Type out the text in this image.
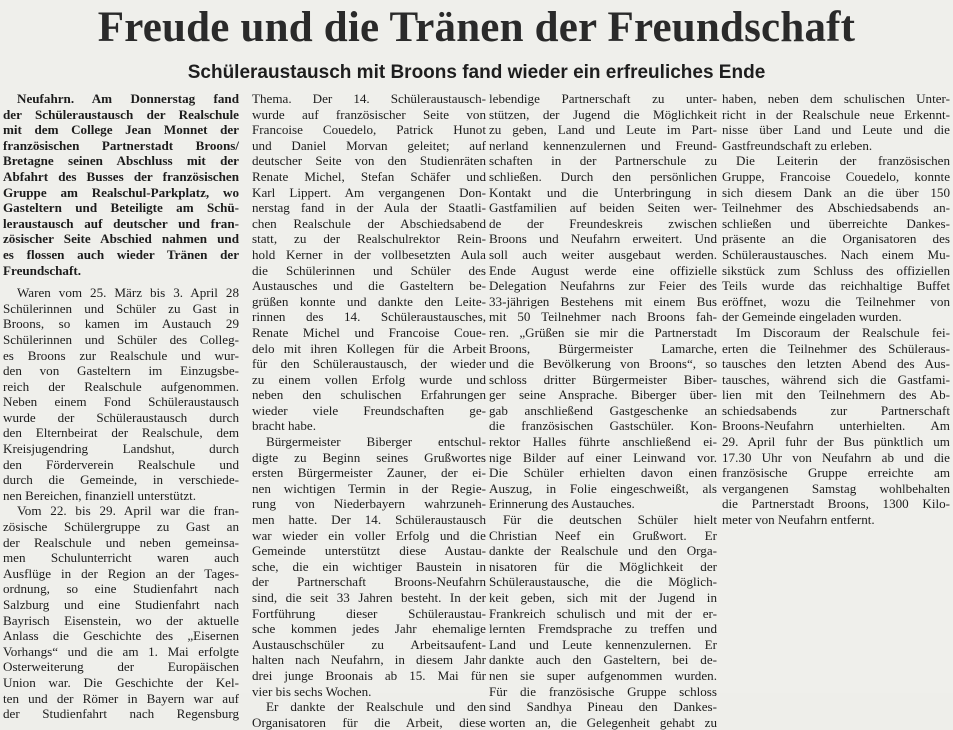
Freude und die Tränen der Freundschaft
Schüleraustausch mit Broons fand wieder ein erfreuliches Ende
Neufahrn. Am Donnerstag fand
der Schüleraustausch der Realschule
mit dem College Jean Monnet der
französischen Partnerstadt Broons/
Bretagne seinen Abschluss mit der
Abfahrt des Busses der französischen
Gruppe am Realschul-Parkplatz, wo
Gasteltern und Beteiligte am Schü-
leraustausch auf deutscher und fran-
zösischer Seite Abschied nahmen und
es flossen auch wieder Tränen der
Freundschaft.
Waren vom 25. März bis 3. April 28
Schülerinnen und Schüler zu Gast in
Broons, so kamen im Austauch 29
Schülerinnen und Schüler des Colleg-
es Broons zur Realschule und wur-
den von Gasteltern im Einzugsbe-
reich der Realschule aufgenommen.
Neben einem Fond Schüleraustausch
wurde der Schüleraustausch durch
den Elternbeirat der Realschule, dem
Kreisjugendring Landshut, durch
den Förderverein Realschule und
durch die Gemeinde, in verschiede-
nen Bereichen, finanziell unterstützt.
Vom 22. bis 29. April war die fran-
zösische Schülergruppe zu Gast an
der Realschule und neben gemeinsa-
men Schulunterricht waren auch
Ausflüge in der Region an der Tages-
ordnung, so eine Studienfahrt nach
Salzburg und eine Studienfahrt nach
Bayrisch Eisenstein, wo der aktuelle
Anlass die Geschichte des „Eisernen
Vorhangs“ und die am 1. Mai erfolgte
Osterweiterung der Europäischen
Union war. Die Geschichte der Kel-
ten und der Römer in Bayern war auf
der Studienfahrt nach Regensburg
Thema. Der 14. Schüleraustausch-
wurde auf französischer Seite von
Francoise Couedelo, Patrick Hunot
und Daniel Morvan geleitet; auf
deutscher Seite von den Studienräten
Renate Michel, Stefan Schäfer und
Karl Lippert. Am vergangenen Don-
nerstag fand in der Aula der Staatli-
chen Realschule der Abschiedsabend
statt, zu der Realschulrektor Rein-
hold Kerner in der vollbesetzten Aula
die Schülerinnen und Schüler des
Austausches und die Gasteltern be-
grüßen konnte und dankte den Leite-
rinnen des 14. Schüleraustausches,
Renate Michel und Francoise Coue-
delo mit ihren Kollegen für die Arbeit
für den Schüleraustausch, der wieder
zu einem vollen Erfolg wurde und
neben den schulischen Erfahrungen
wieder viele Freundschaften ge-
bracht habe.
Bürgermeister Biberger entschul-
digte zu Beginn seines Grußwortes
ersten Bürgermeister Zauner, der ei-
nen wichtigen Termin in der Regie-
rung von Niederbayern wahrzuneh-
men hatte. Der 14. Schüleraustausch
war wieder ein voller Erfolg und die
Gemeinde unterstützt diese Austau-
sche, die ein wichtiger Baustein in
der Partnerschaft Broons-Neufahrn
sind, die seit 33 Jahren besteht. In der
Fortführung dieser Schüleraustau-
sche kommen jedes Jahr ehemalige
Austauschschüler zu Arbeitsaufent-
halten nach Neufahrn, in diesem Jahr
drei junge Broonais ab 15. Mai für
vier bis sechs Wochen.
Er dankte der Realschule und den
Organisatoren für die Arbeit, diese
lebendige Partnerschaft zu unter-
stützen, der Jugend die Möglichkeit
zu geben, Land und Leute im Part-
nerland kennenzulernen und Freund-
schaften in der Partnerschule zu
schließen. Durch den persönlichen
Kontakt und die Unterbringung in
Gastfamilien auf beiden Seiten wer-
de der Freundeskreis zwischen
Broons und Neufahrn erweitert. Und
soll auch weiter ausgebaut werden.
Ende August werde eine offizielle
Delegation Neufahrns zur Feier des
33-jährigen Bestehens mit einem Bus
mit 50 Teilnehmer nach Broons fah-
ren. „Grüßen sie mir die Partnerstadt
Broons, Bürgermeister Lamarche,
und die Bevölkerung von Broons“, so
schloss dritter Bürgermeister Biber-
ger seine Ansprache. Biberger über-
gab anschließend Gastgeschenke an
die französischen Gastschüler. Kon-
rektor Halles führte anschließend ei-
nige Bilder auf einer Leinwand vor.
Die Schüler erhielten davon einen
Auszug, in Folie eingeschweißt, als
Erinnerung des Austauches.
Für die deutschen Schüler hielt
Christian Neef ein Grußwort. Er
dankte der Realschule und den Orga-
nisatoren für die Möglichkeit der
Schüleraustausche, die die Möglich-
keit geben, sich mit der Jugend in
Frankreich schulisch und mit der er-
lernten Fremdsprache zu treffen und
Land und Leute kennenzulernen. Er
dankte auch den Gasteltern, bei de-
nen sie super aufgenommen wurden.
Für die französische Gruppe schloss
sind Sandhya Pineau den Dankes-
worten an, die Gelegenheit gehabt zu
haben, neben dem schulischen Unter-
richt in der Realschule neue Erkennt-
nisse über Land und Leute und die
Gastfreundschaft zu erleben.
Die Leiterin der französischen
Gruppe, Francoise Couedelo, konnte
sich diesem Dank an die über 150
Teilnehmer des Abschiedsabends an-
schließen und überreichte Dankes-
präsente an die Organisatoren des
Schüleraustausches. Nach einem Mu-
sikstück zum Schluss des offiziellen
Teils wurde das reichhaltige Buffet
eröffnet, wozu die Teilnehmer von
der Gemeinde eingeladen wurden.
Im Discoraum der Realschule fei-
erten die Teilnehmer des Schüleraus-
tausches den letzten Abend des Aus-
tausches, während sich die Gastfami-
lien mit den Teilnehmern des Ab-
schiedsabends zur Partnerschaft
Broons-Neufahrn unterhielten. Am
29. April fuhr der Bus pünktlich um
17.30 Uhr von Neufahrn ab und die
französische Gruppe erreichte am
vergangenen Samstag wohlbehalten
die Partnerstadt Broons, 1300 Kilo-
meter von Neufahrn entfernt.
